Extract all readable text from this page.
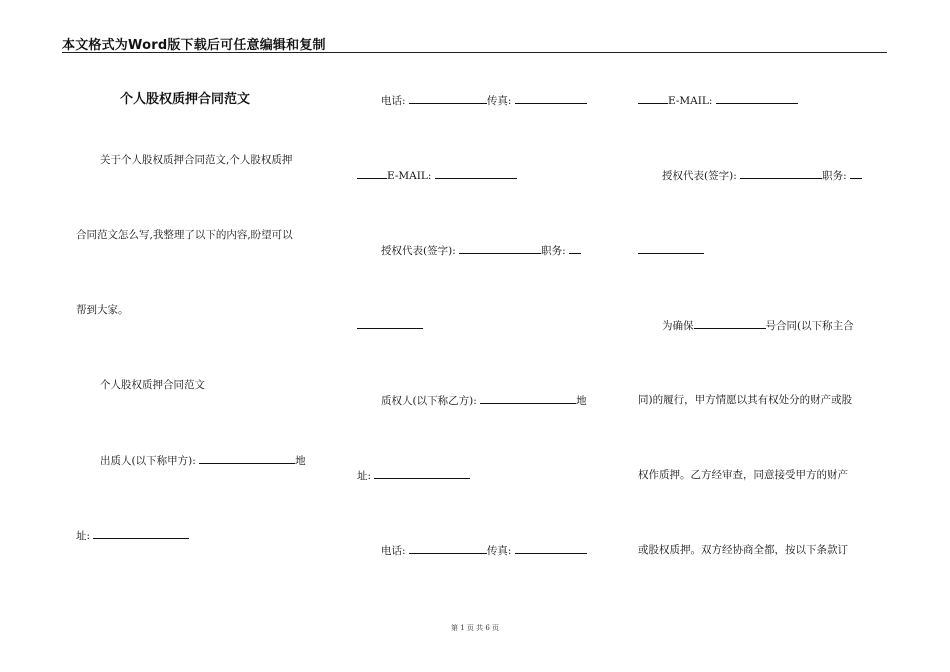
本文格式为Word版下载后可任意编辑和复制
个人股权质押合同范文
关于个人股权质押合同范文,个人股权质押
合同范文怎么写,我整理了以下的内容,盼望可以
帮到大家。
个人股权质押合同范文
出质人(以下称甲方):	地
址:
电话:	传真:
E-MAIL:
授权代表(签字):	职务:
质权人(以下称乙方):	地
址:
电话:	传真:
E-MAIL:
授权代表(签字):	职务:
为确保	号合同(以下称主合
同)的履行，甲方情愿以其有权处分的财产或股
权作质押。乙方经审查，同意接受甲方的财产
或股权质押。双方经协商全都，按以下条款订
第 1 页 共 6 页
